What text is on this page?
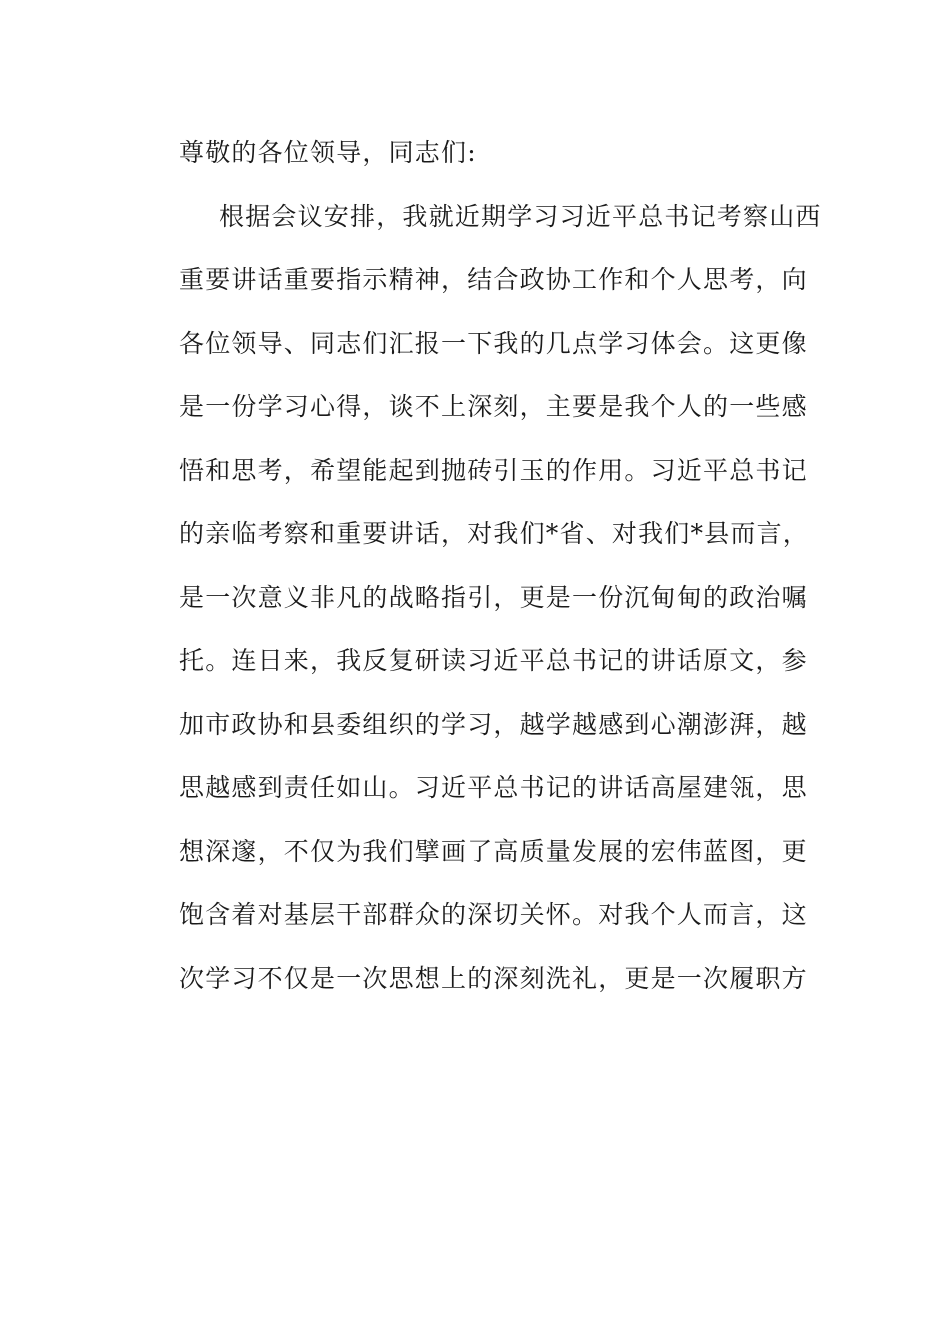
尊敬的各位领导，同志们:
根据会议安排，我就近期学习习近平总书记考察山西
重要讲话重要指示精神，结合政协工作和个人思考，向
各位领导、同志们汇报一下我的几点学习体会。这更像
是一份学习心得，谈不上深刻，主要是我个人的一些感
悟和思考，希望能起到抛砖引玉的作用。习近平总书记
的亲临考察和重要讲话，对我们*省、对我们*县而言，
是一次意义非凡的战略指引，更是一份沉甸甸的政治嘱
托。连日来，我反复研读习近平总书记的讲话原文，参
加市政协和县委组织的学习，越学越感到心潮澎湃，越
思越感到责任如山。习近平总书记的讲话高屋建瓴，思
想深邃，不仅为我们擘画了高质量发展的宏伟蓝图，更
饱含着对基层干部群众的深切关怀。对我个人而言，这
次学习不仅是一次思想上的深刻洗礼，更是一次履职方
